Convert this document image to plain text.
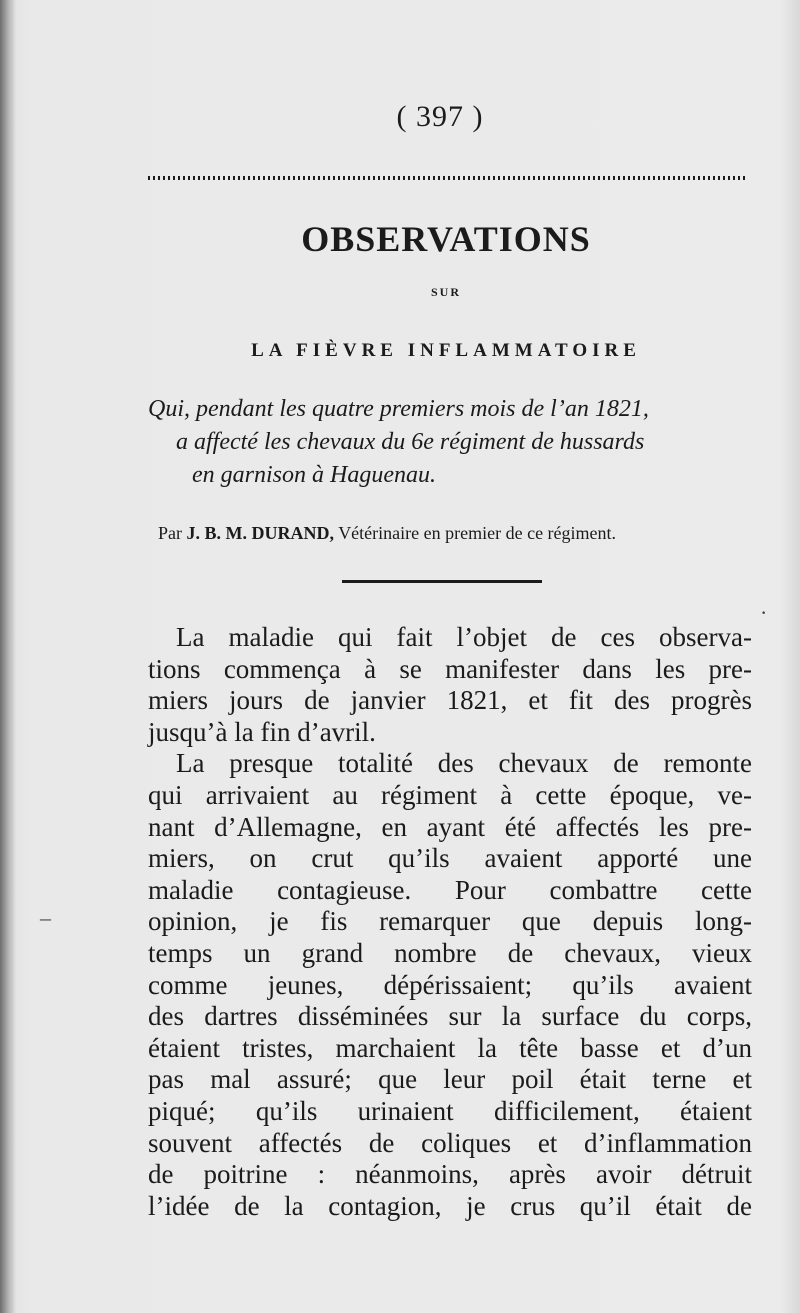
( 397 )
OBSERVATIONS
SUR
LA FIÈVRE INFLAMMATOIRE
Qui, pendant les quatre premiers mois de l’an 1821,
a affecté les chevaux du 6e régiment de hussards
en garnison à Haguenau.
Par J. B. M. DURAND, Vétérinaire en premier de ce régiment.
La maladie qui fait l’objet de ces observa-
tions commença à se manifester dans les pre-
miers jours de janvier 1821, et fit des progrès
jusqu’à la fin d’avril.
La presque totalité des chevaux de remonte
qui arrivaient au régiment à cette époque, ve-
nant d’Allemagne, en ayant été affectés les pre-
miers, on crut qu’ils avaient apporté une
maladie contagieuse. Pour combattre cette
opinion, je fis remarquer que depuis long-
temps un grand nombre de chevaux, vieux
comme jeunes, dépérissaient; qu’ils avaient
des dartres disséminées sur la surface du corps,
étaient tristes, marchaient la tête basse et d’un
pas mal assuré; que leur poil était terne et
piqué; qu’ils urinaient difficilement, étaient
souvent affectés de coliques et d’inflammation
de poitrine : néanmoins, après avoir détruit
l’idée de la contagion, je crus qu’il était de
·
–
